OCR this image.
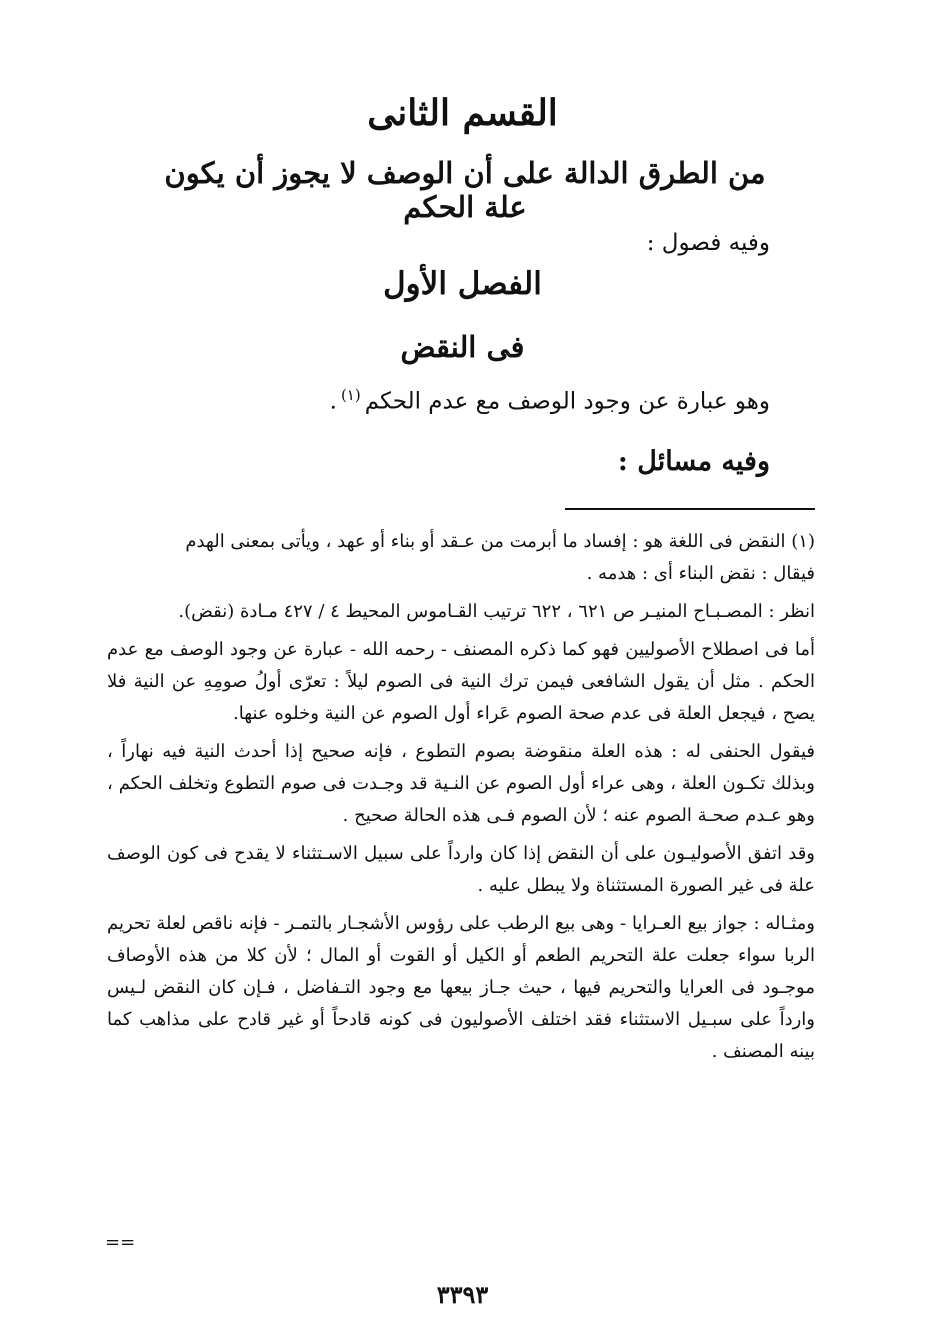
القسم الثانى
من الطرق الدالة على أن الوصف لا يجوز أن يكون علة الحكم
وفيه فصول :
الفصل الأول
فى النقض
وهو عبارة عن وجود الوصف مع عدم الحكم$^{(١)}$.
وفيه مسائل :

(١) النقض فى اللغة هو : إفساد ما أبرمت من عـقد أو بناء أو عهد ، ويأتى بمعنى الهدم

فيقال : نقض البناء أى : هدمه .

انظر : المصـبـاح المنيـر ص ٦٢١ ، ٦٢٢ ترتيب القـاموس المحيط ٤ / ٤٢٧ مـادة (نقض).

أما فى اصطلاح الأصوليين فهو كما ذكره المصنف - رحمه الله - عبارة عن وجود الوصف مع عدم الحكم . مثل أن يقول الشافعى فيمن ترك النية فى الصوم ليلاً : تعرّى أولُ صومِهِ عن النية فلا يصح ، فيجعل العلة فى عدم صحة الصوم عَراء أول الصوم عن النية وخلوه عنها.

فيقول الحنفى له : هذه العلة منقوضة بصوم التطوع ، فإنه صحيح إذا أحدث النية فيه نهاراً ، وبذلك تكـون العلة ، وهى عراء أول الصوم عن النـية قد وجـدت فى صوم التطوع وتخلف الحكم ، وهو عـدم صحـة الصوم عنه ؛ لأن الصوم فـى هذه الحالة صحيح .

وقد اتفق الأصوليـون على أن النقض إذا كان وارداً على سبيل الاسـتثناء لا يقدح فى كون الوصف علة فى غير الصورة المستثناة ولا يبطل عليه .

ومثـاله : جواز بيع العـرايا - وهى بيع الرطب على رؤوس الأشجـار بالتمـر - فإنه ناقص لعلة تحريم الربا سواء جعلت علة التحريم الطعم أو الكيل أو القوت أو المال ؛ لأن كلا من هذه الأوصاف موجـود فى العرايا والتحريم فيها ، حيث جـاز بيعها مع وجود التـفاضل ، فـإن كان النقض لـيس وارداً على سبـيل الاستثناء فقد اختلف الأصوليون فى كونه قادحاً أو غير قادح على مذاهب كما بينه المصنف .

==
٣٣٩٣
